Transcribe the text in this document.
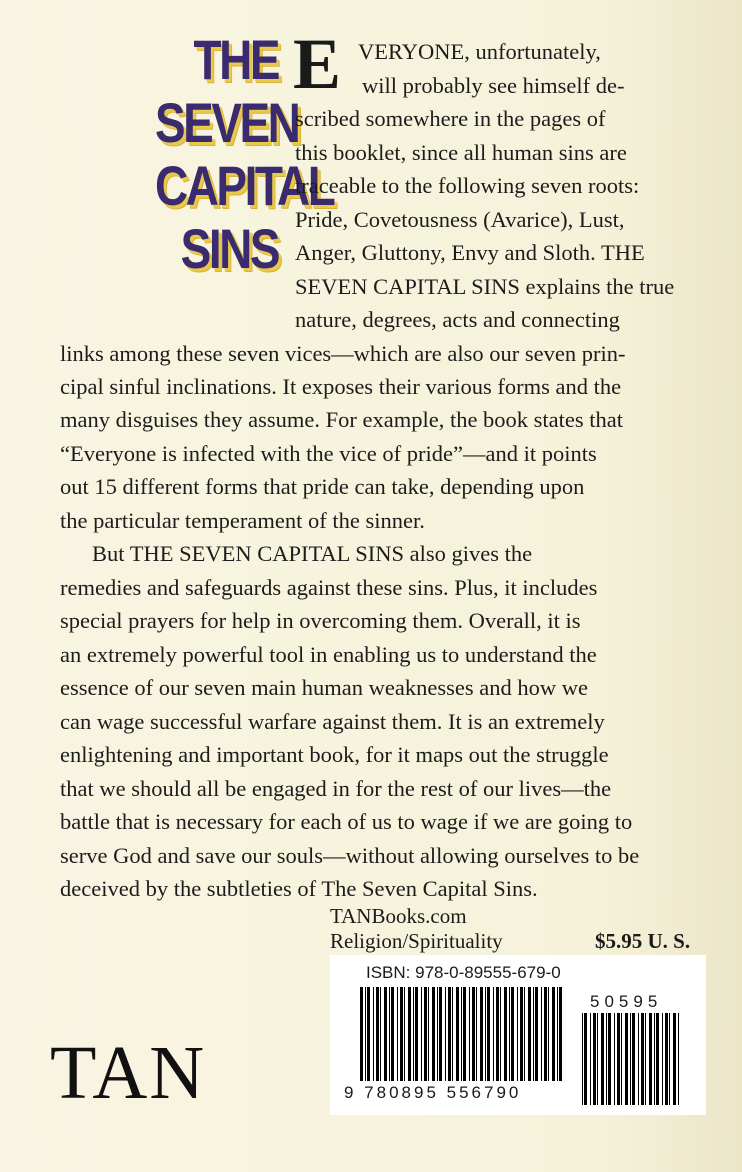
THE
SEVEN
CAPITAL
SINS
E VERYONE, unfortunately,
will probably see himself de-
scribed somewhere in the pages of
this booklet, since all human sins are
traceable to the following seven roots:
Pride, Covetousness (Avarice), Lust,
Anger, Gluttony, Envy and Sloth. THE
SEVEN CAPITAL SINS explains the true
nature, degrees, acts and connecting
links among these seven vices—which are also our seven prin-
cipal sinful inclinations. It exposes their various forms and the
many disguises they assume. For example, the book states that
“Everyone is infected with the vice of pride”—and it points
out 15 different forms that pride can take, depending upon
the particular temperament of the sinner.
But THE SEVEN CAPITAL SINS also gives the
remedies and safeguards against these sins. Plus, it includes
special prayers for help in overcoming them. Overall, it is
an extremely powerful tool in enabling us to understand the
essence of our seven main human weaknesses and how we
can wage successful warfare against them. It is an extremely
enlightening and important book, for it maps out the struggle
that we should all be engaged in for the rest of our lives—the
battle that is necessary for each of us to wage if we are going to
serve God and save our souls—without allowing ourselves to be
deceived by the subtleties of The Seven Capital Sins.
TANBooks.com
Religion/Spirituality	$5.95 U. S.
ISBN: 978-0-89555-679-0
50595
9 780895 556790
TAN
